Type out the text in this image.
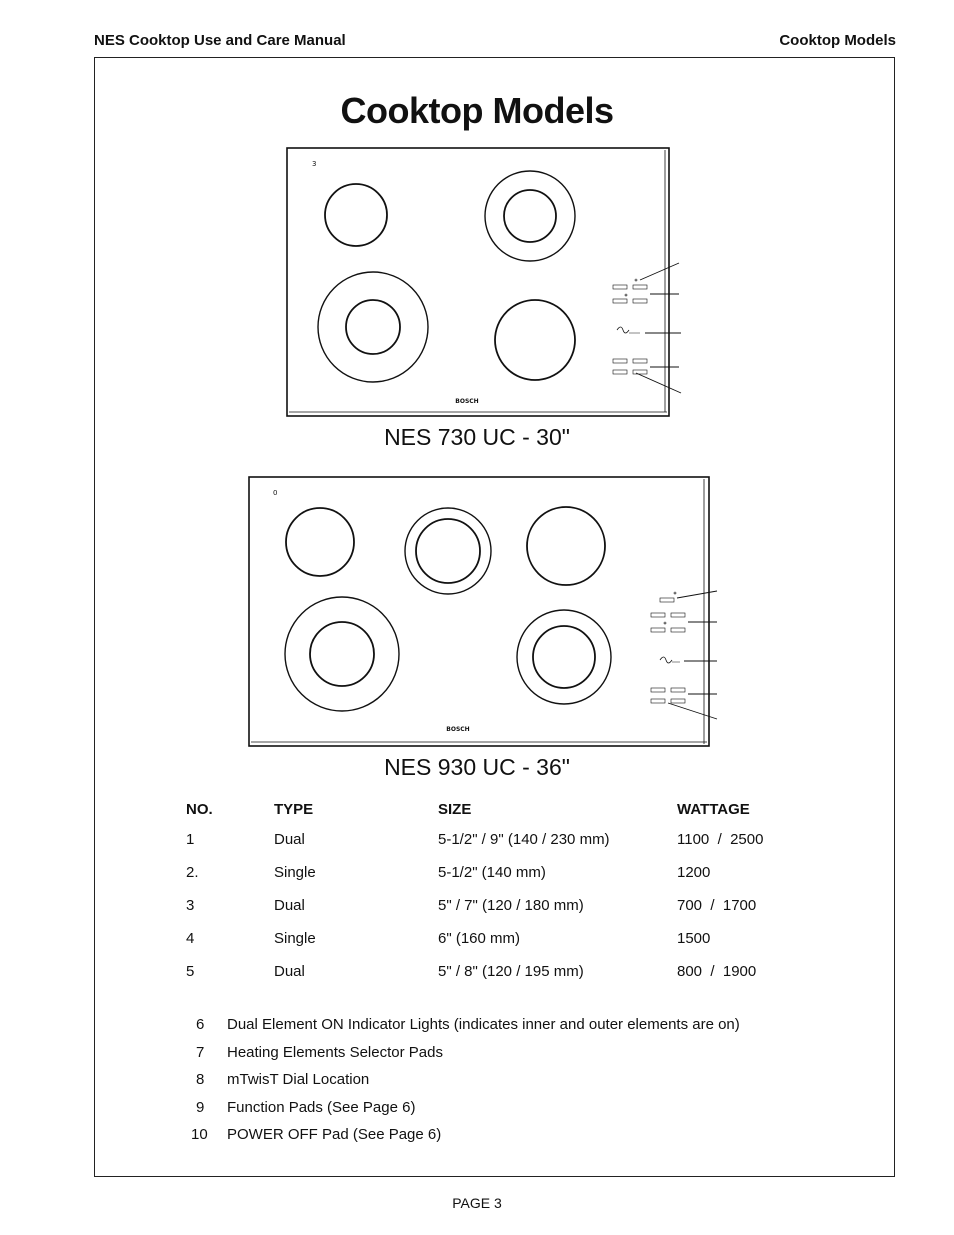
NES Cooktop Use and Care Manual	Cooktop Models
Cooktop Models
3
BOSCH
0
BOSCH
NES 730 UC - 30"
NES 930 UC - 36"
NO.	TYPE	SIZE	WATTAGE
1	Dual	5-1/2" / 9" (140 / 230 mm)	1100  /  2500
2.	Single	5-1/2" (140 mm)	1200
3	Dual	5" / 7" (120 / 180 mm)	700  /  1700
4	Single	6" (160 mm)	1500
5	Dual	5" / 8" (120 / 195 mm)	800  /  1900
6	Dual Element ON Indicator Lights (indicates inner and outer elements are on)
7	Heating Elements Selector Pads
8	mTwisT Dial Location
9	Function Pads (See Page 6)
10	POWER OFF Pad (See Page 6)
PAGE 3
